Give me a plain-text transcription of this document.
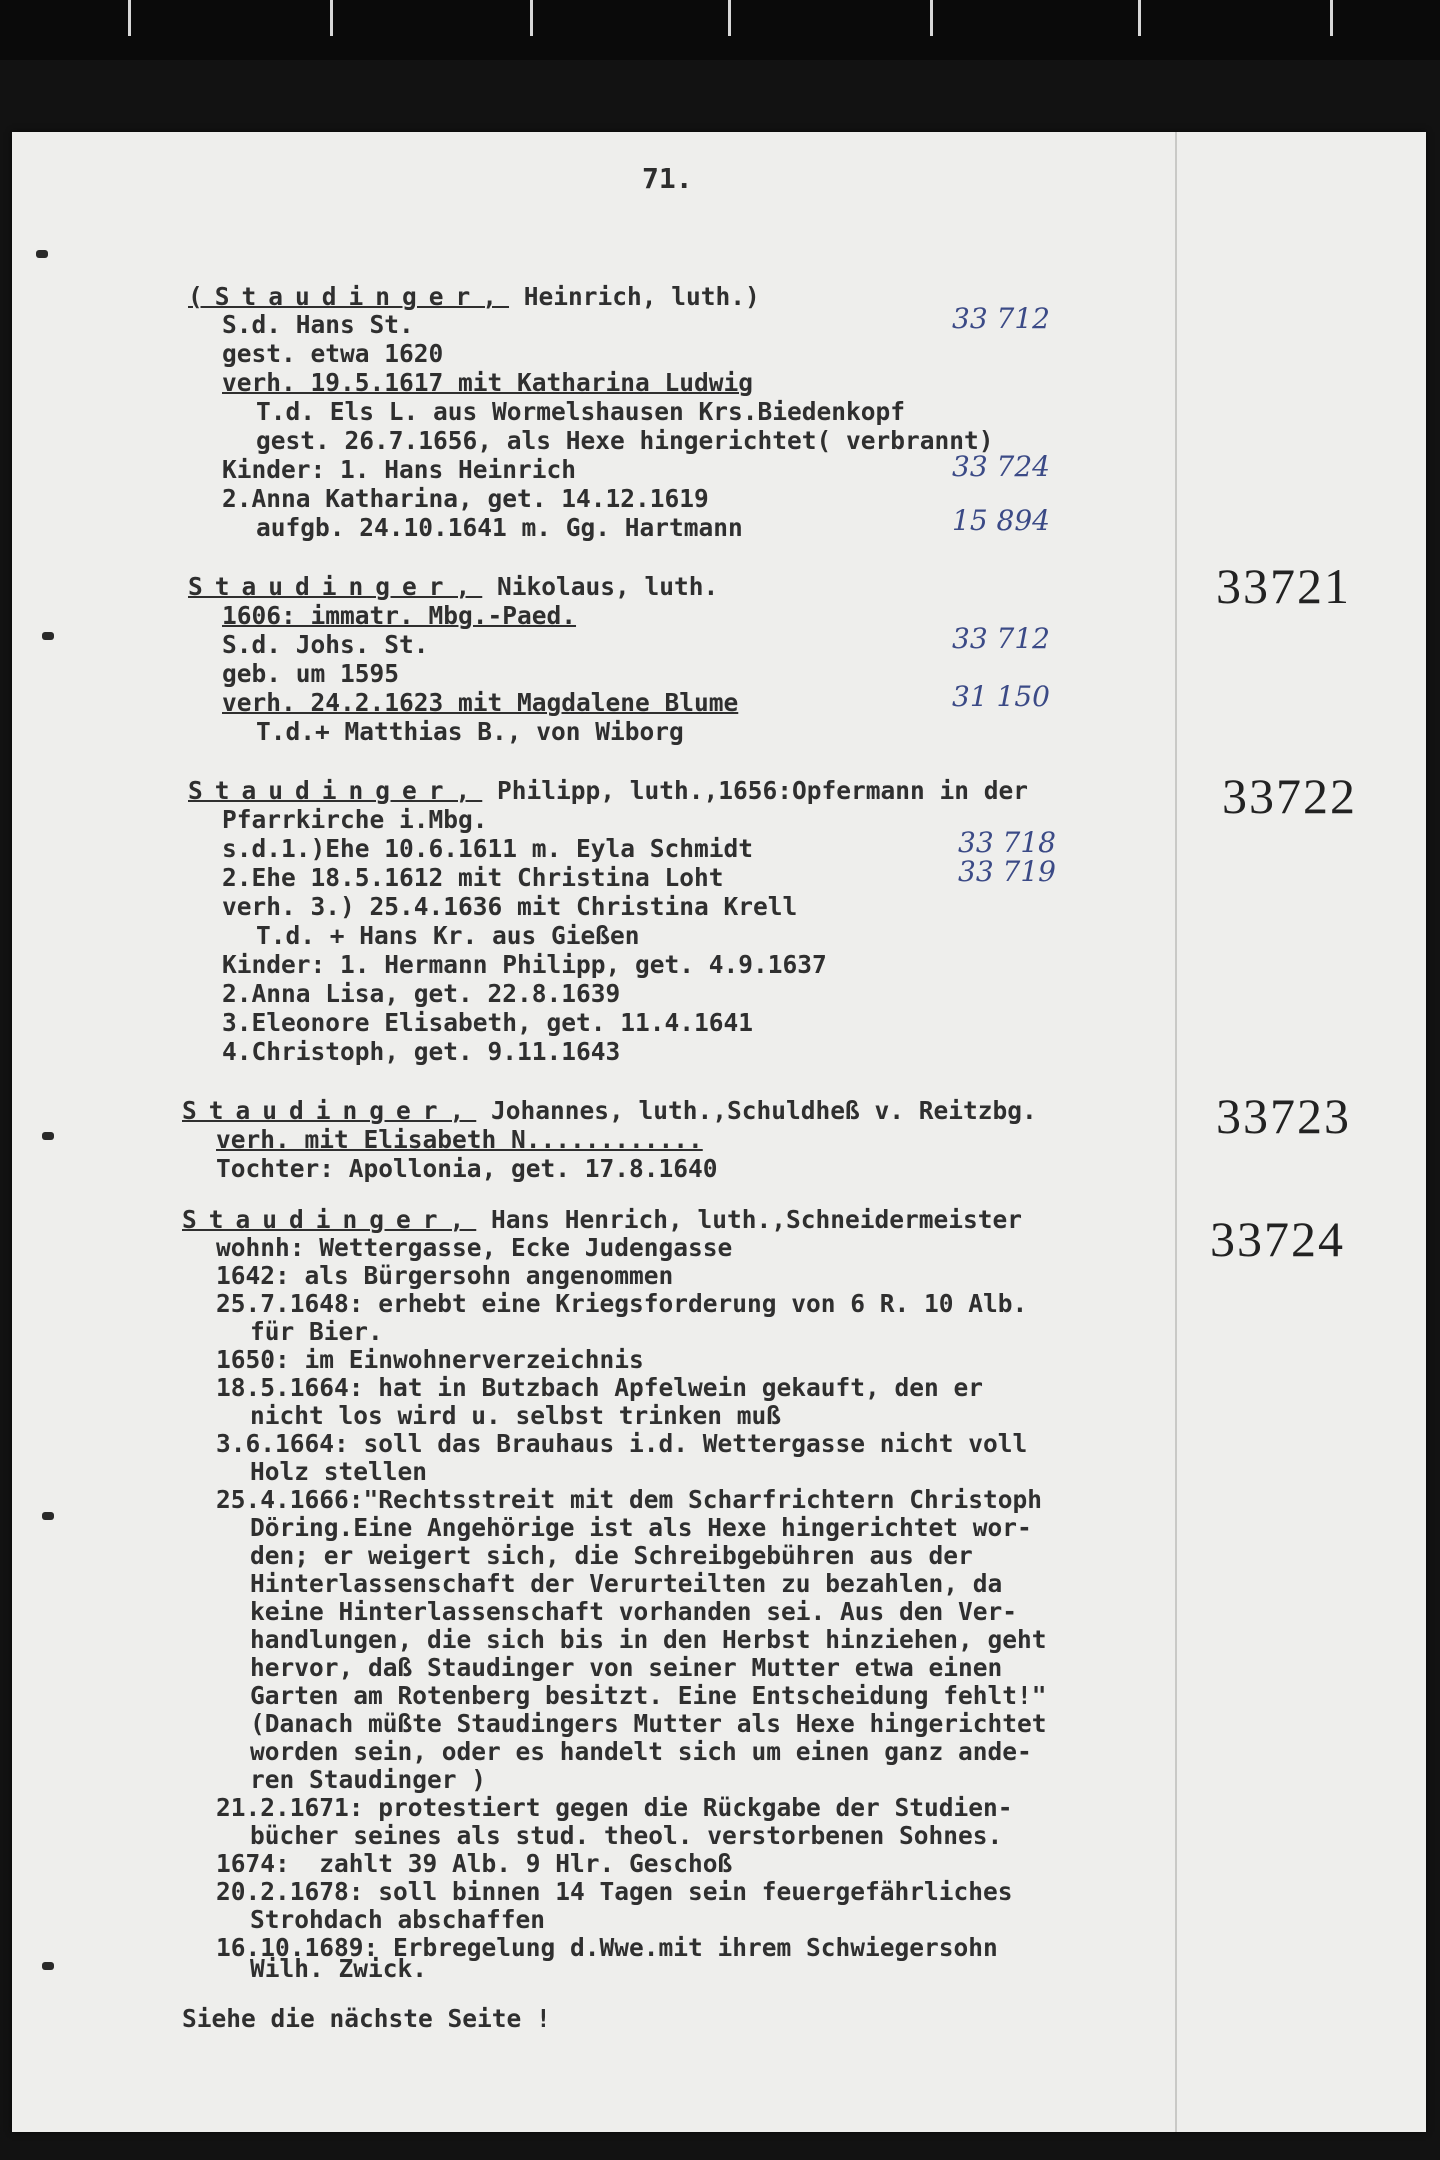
71.
(Staudinger, Heinrich, luth.)
S.d. Hans St.	33 712
gest. etwa 1620
verh. 19.5.1617 mit Katharina Ludwig
T.d. Els L. aus Wormelshausen Krs.Biedenkopf
gest. 26.7.1656, als Hexe hingerichtet( verbrannt)
Kinder: 1. Hans Heinrich	33 724
2.Anna Katharina, get. 14.12.1619
aufgb. 24.10.1641 m. Gg. Hartmann	15 894
Staudinger, Nikolaus, luth.	33721
1606: immatr. Mbg.-Paed.
S.d. Johs. St.	33 712
geb. um 1595
verh. 24.2.1623 mit Magdalene Blume	31 150
T.d.+ Matthias B., von Wiborg
Staudinger, Philipp, luth.,1656:Opfermann in der	33722
Pfarrkirche i.Mbg.
s.d.1.)Ehe 10.6.1611 m. Eyla Schmidt	33 718
2.Ehe 18.5.1612 mit Christina Loht	33 719
verh. 3.) 25.4.1636 mit Christina Krell
T.d. + Hans Kr. aus Gießen
Kinder: 1. Hermann Philipp, get. 4.9.1637
2.Anna Lisa, get. 22.8.1639
3.Eleonore Elisabeth, get. 11.4.1641
4.Christoph, get. 9.11.1643
Staudinger, Johannes, luth.,Schuldheß v. Reitzbg.	33723
verh. mit Elisabeth N............
Tochter: Apollonia, get. 17.8.1640
Staudinger, Hans Henrich, luth.,Schneidermeister	33724
wohnh: Wettergasse, Ecke Judengasse
1642: als Bürgersohn angenommen
25.7.1648: erhebt eine Kriegsforderung von 6 R. 10 Alb.
für Bier.
1650: im Einwohnerverzeichnis
18.5.1664: hat in Butzbach Apfelwein gekauft, den er
nicht los wird u. selbst trinken muß
3.6.1664: soll das Brauhaus i.d. Wettergasse nicht voll
Holz stellen
25.4.1666:"Rechtsstreit mit dem Scharfrichtern Christoph
Döring.Eine Angehörige ist als Hexe hingerichtet wor-
den; er weigert sich, die Schreibgebühren aus der
Hinterlassenschaft der Verurteilten zu bezahlen, da
keine Hinterlassenschaft vorhanden sei. Aus den Ver-
handlungen, die sich bis in den Herbst hinziehen, geht
hervor, daß Staudinger von seiner Mutter etwa einen
Garten am Rotenberg besitzt. Eine Entscheidung fehlt!"
(Danach müßte Staudingers Mutter als Hexe hingerichtet
worden sein, oder es handelt sich um einen ganz ande-
ren Staudinger )
21.2.1671: protestiert gegen die Rückgabe der Studien-
bücher seines als stud. theol. verstorbenen Sohnes.
1674:  zahlt 39 Alb. 9 Hlr. Geschoß
20.2.1678: soll binnen 14 Tagen sein feuergefährliches
Strohdach abschaffen
16.10.1689: Erbregelung d.Wwe.mit ihrem Schwiegersohn
Wilh. Zwick.
Siehe die nächste Seite !
